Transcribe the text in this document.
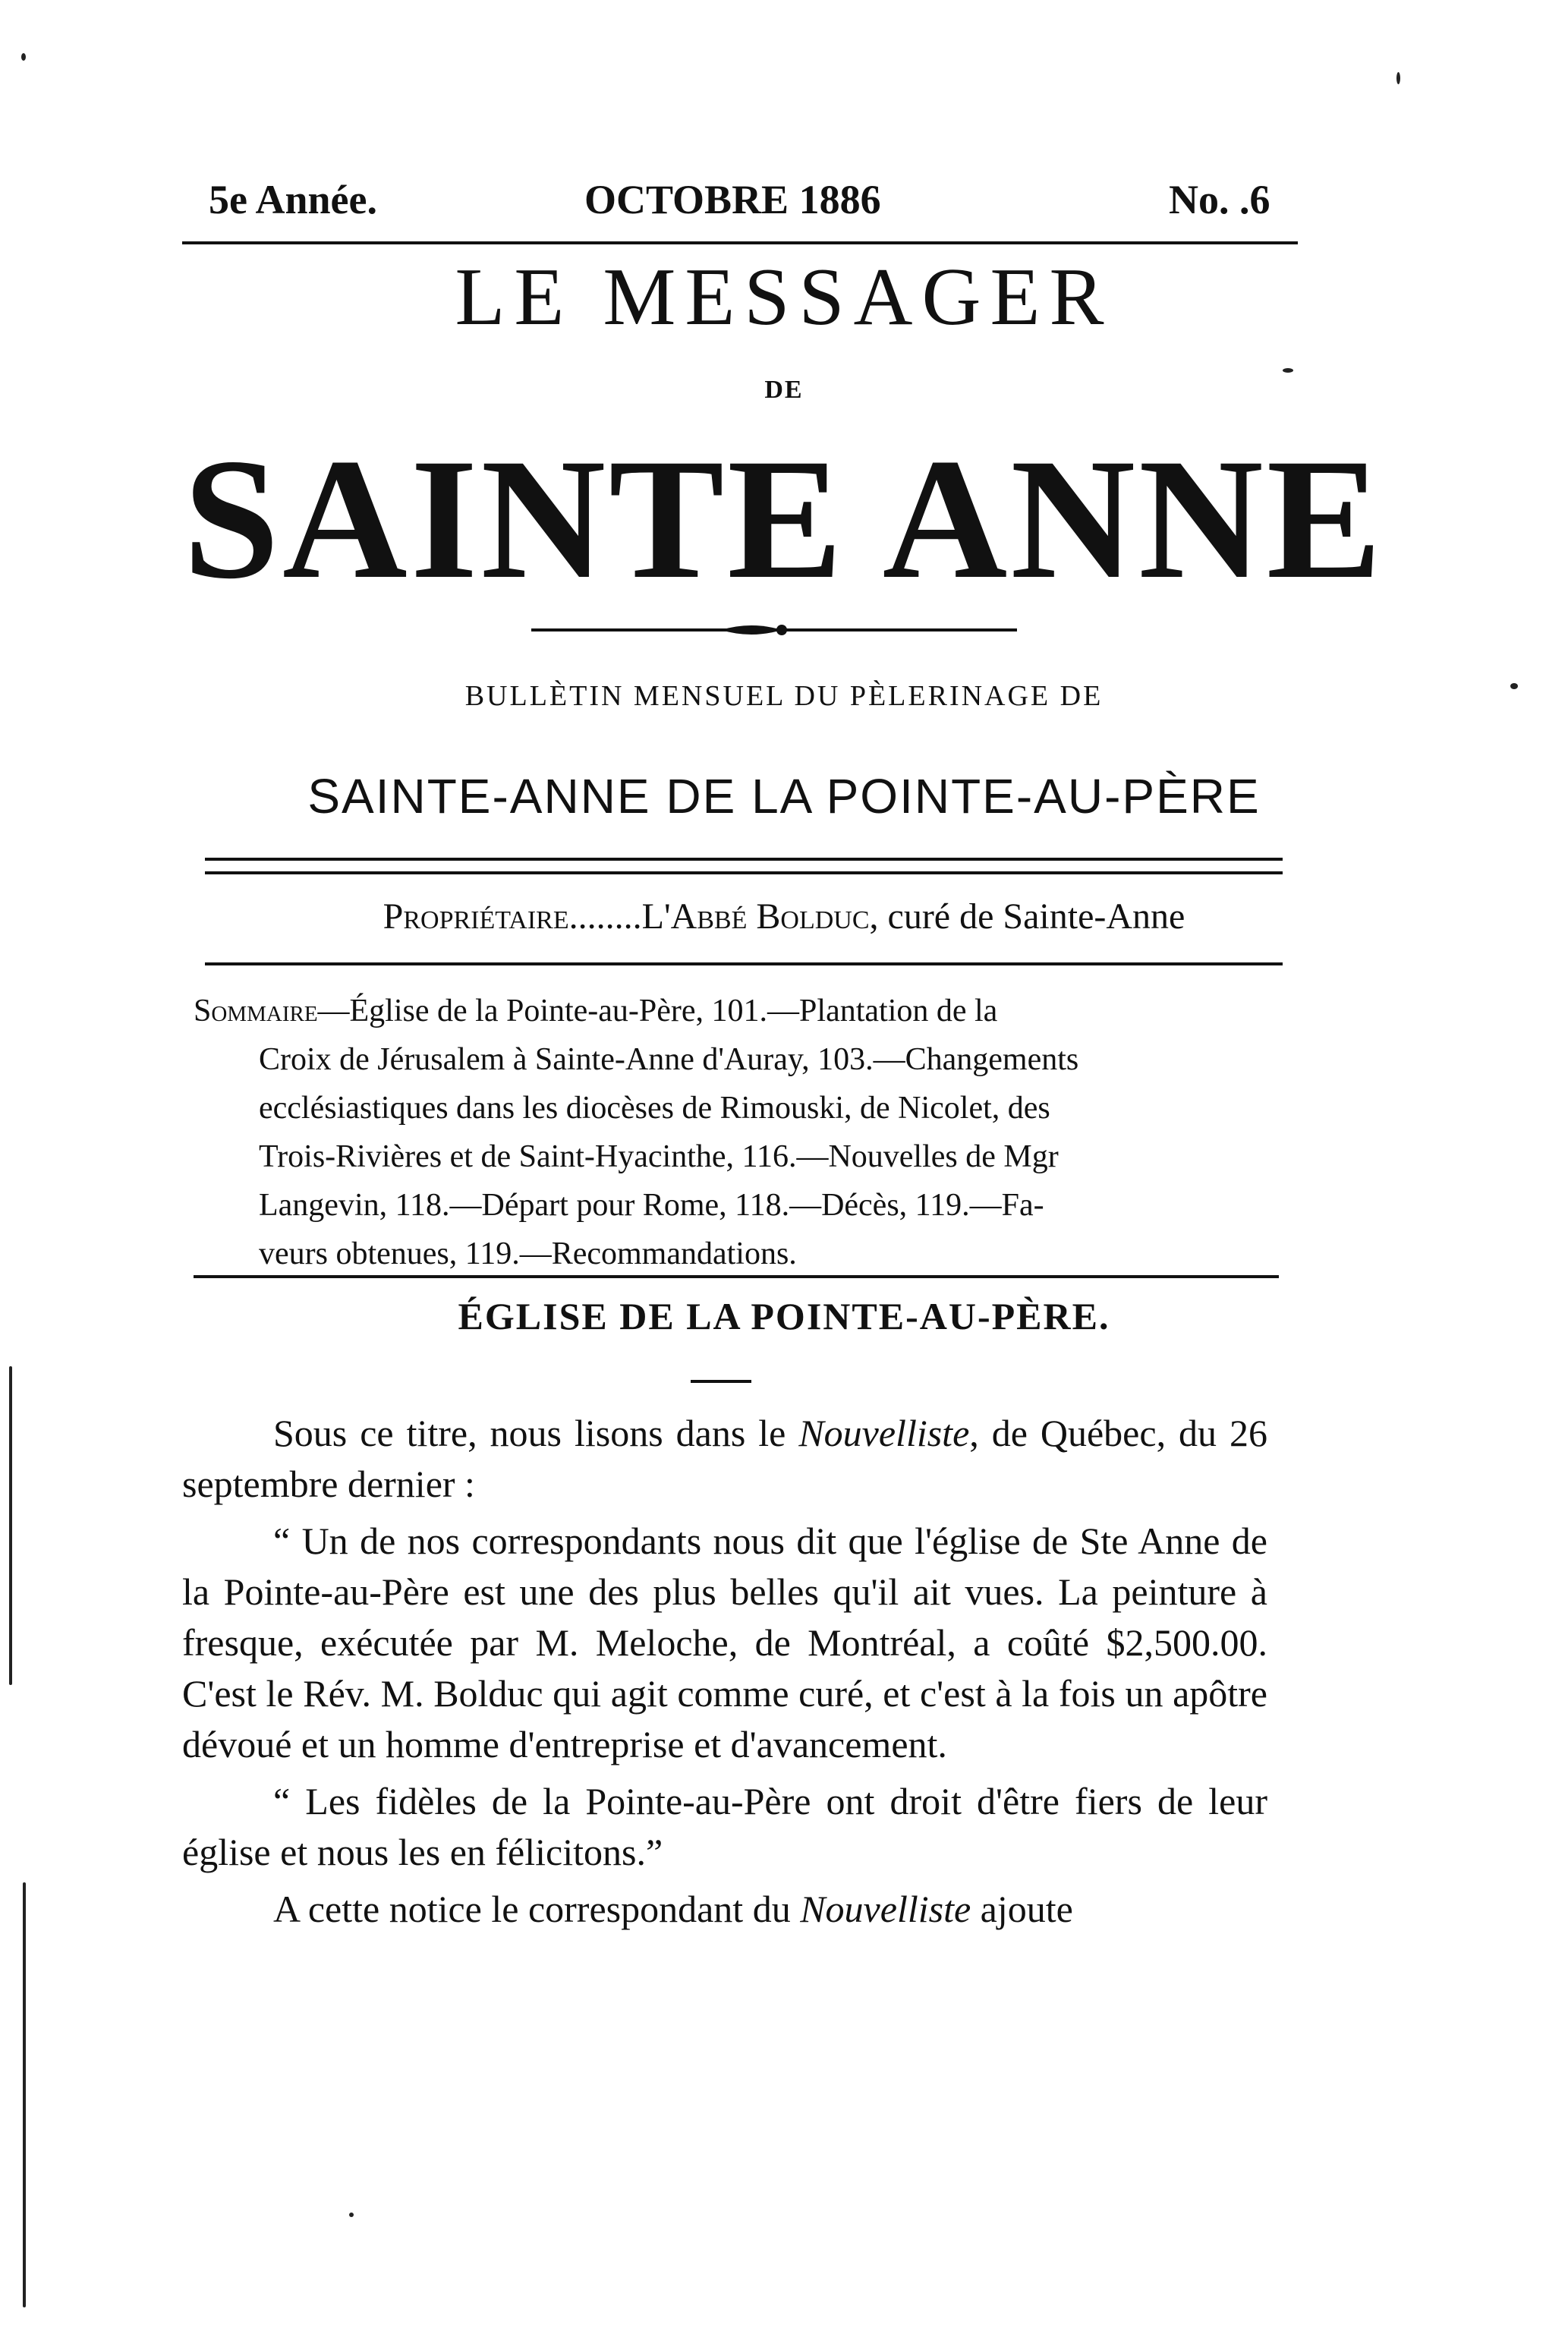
5e Année.	OCTOBRE 1886	No. .6
LE MESSAGER
DE
SAINTE ANNE
BULLÈTIN MENSUEL DU PÈLERINAGE DE
SAINTE-ANNE DE LA POINTE-AU-PÈRE
Propriétaire........L'Abbé Bolduc, curé de Sainte-Anne
Sommaire—Église de la Pointe-au-Père, 101.—Plantation de la
Croix de Jérusalem à Sainte-Anne d'Auray, 103.—Changements
ecclésiastiques dans les diocèses de Rimouski, de Nicolet, des
Trois-Rivières et de Saint-Hyacinthe, 116.—Nouvelles de Mgr
Langevin, 118.—Départ pour Rome, 118.—Décès, 119.—Fa-
veurs obtenues, 119.—Recommandations.
ÉGLISE DE LA POINTE-AU-PÈRE.

Sous ce titre, nous lisons dans le Nouvelliste, de Québec, du 26 septembre dernier :

“ Un de nos correspondants nous dit que l'église de Ste Anne de la Pointe-au-Père est une des plus belles qu'il ait vues. La peinture à fresque, exécutée par M. Meloche, de Montréal, a coûté $2,500.00. C'est le Rév. M. Bolduc qui agit comme curé, et c'est à la fois un apôtre dévoué et un homme d'entreprise et d'avancement.

“ Les fidèles de la Pointe-au-Père ont droit d'être fiers de leur église et nous les en félicitons.”

A cette notice le correspondant du Nouvelliste ajoute
